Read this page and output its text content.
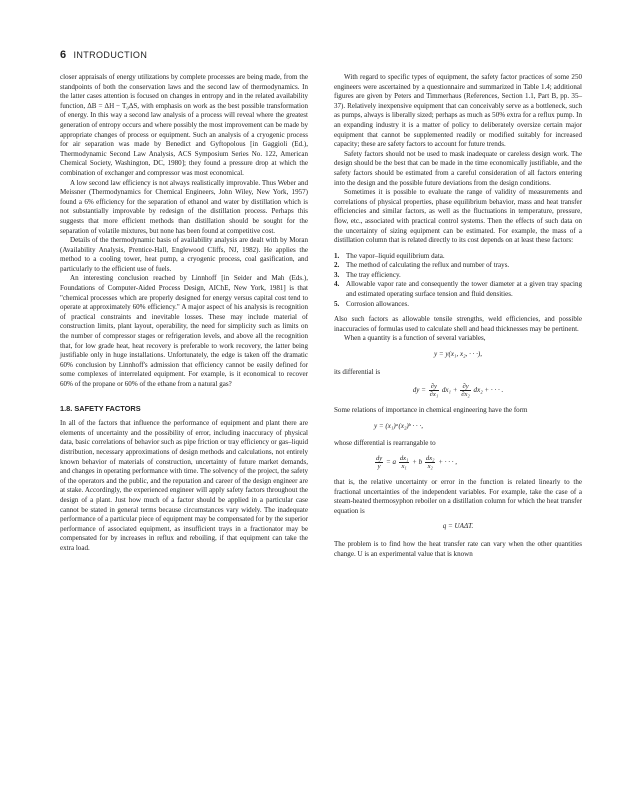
6 INTRODUCTION

closer appraisals of energy utilizations by complete processes are being made, from the standpoints of both the conservation laws and the second law of thermodynamics. In the latter cases attention is focused on changes in entropy and in the related availability function, ΔB = ΔH − T₀ΔS, with emphasis on work as the best possible transformation of energy. In this way a second law analysis of a process will reveal where the greatest generation of entropy occurs and where possibly the most improvement can be made by appropriate changes of process or equipment. Such an analysis of a cryogenic process for air separation was made by Benedict and Gyftopolous [in Gaggioli (Ed.), Thermodynamic Second Law Analysis, ACS Symposium Series No. 122, American Chemical Society, Washington, DC, 1980]; they found a pressure drop at which the combination of exchanger and compressor was most economical.

A low second law efficiency is not always realistically improvable. Thus Weber and Meissner (Thermodynamics for Chemical Engineers, John Wiley, New York, 1957) found a 6% efficiency for the separation of ethanol and water by distillation which is not substantially improvable by redesign of the distillation process. Perhaps this suggests that more efficient methods than distillation should be sought for the separation of volatile mixtures, but none has been found at competitive cost.

Details of the thermodynamic basis of availability analysis are dealt with by Moran (Availability Analysis, Prentice-Hall, Englewood Cliffs, NJ, 1982). He applies the method to a cooling tower, heat pump, a cryogenic process, coal gasification, and particularly to the efficient use of fuels.

An interesting conclusion reached by Linnhoff [in Seider and Mah (Eds.), Foundations of Computer-Aided Process Design, AIChE, New York, 1981] is that "chemical processes which are properly designed for energy versus capital cost tend to operate at approximately 60% efficiency." A major aspect of his analysis is recognition of practical constraints and inevitable losses. These may include material of construction limits, plant layout, operability, the need for simplicity such as limits on the number of compressor stages or refrigeration levels, and above all the recognition that, for low grade heat, heat recovery is preferable to work recovery, the latter being justifiable only in huge installations. Unfortunately, the edge is taken off the dramatic 60% conclusion by Linnhoff's admission that efficiency cannot be easily defined for some complexes of interrelated equipment. For example, is it economical to recover 60% of the propane or 60% of the ethane from a natural gas?

1.8. SAFETY FACTORS

In all of the factors that influence the performance of equipment and plant there are elements of uncertainty and the possibility of error, including inaccuracy of physical data, basic correlations of behavior such as pipe friction or tray efficiency or gas–liquid distribution, necessary approximations of design methods and calculations, not entirely known behavior of materials of construction, uncertainty of future market demands, and changes in operating performance with time. The solvency of the project, the safety of the operators and the public, and the reputation and career of the design engineer are at stake. Accordingly, the experienced engineer will apply safety factors throughout the design of a plant. Just how much of a factor should be applied in a particular case cannot be stated in general terms because circumstances vary widely. The inadequate performance of a particular piece of equipment may be compensated for by the superior performance of associated equipment, as insufficient trays in a fractionator may be compensated for by increases in reflux and reboiling, if that equipment can take the extra load.

With regard to specific types of equipment, the safety factor practices of some 250 engineers were ascertained by a questionnaire and summarized in Table 1.4; additional figures are given by Peters and Timmerhaus (References, Section 1.1, Part B, pp. 35–37). Relatively inexpensive equipment that can conceivably serve as a bottleneck, such as pumps, always is liberally sized; perhaps as much as 50% extra for a reflux pump. In an expanding industry it is a matter of policy to deliberately oversize certain major equipment that cannot be supplemented readily or modified suitably for increased capacity; these are safety factors to account for future trends.

Safety factors should not be used to mask inadequate or careless design work. The design should be the best that can be made in the time economically justifiable, and the safety factors should be estimated from a careful consideration of all factors entering into the design and the possible future deviations from the design conditions.

Sometimes it is possible to evaluate the range of validity of measurements and correlations of physical properties, phase equilibrium behavior, mass and heat transfer efficiencies and similar factors, as well as the fluctuations in temperature, pressure, flow, etc., associated with practical control systems. Then the effects of such data on the uncertainty of sizing equipment can be estimated. For example, the mass of a distillation column that is related directly to its cost depends on at least these factors:

1. The vapor–liquid equilibrium data.
2. The method of calculating the reflux and number of trays.
3. The tray efficiency.
4. Allowable vapor rate and consequently the tower diameter at a given tray spacing and estimated operating surface tension and fluid densities.
5. Corrosion allowances.

Also such factors as allowable tensile strengths, weld efficiencies, and possible inaccuracies of formulas used to calculate shell and head thicknesses may be pertinent.

When a quantity is a function of several variables,

y = y(x₁, x₂, · · ·),

its differential is

dy = $\frac{\partial y}{\text{∂x₁}} dx_1 + \frac{\partial y}{\text{∂x₂}} dx_2$ + · · · .

Some relations of importance in chemical engineering have the form

y = (x₁)ᵃ(x₂)ᵇ · · ·,

whose differential is rearrangable to

$\frac{dy}{y} = a \frac{\text{dx₁}}{\text{x₁}} + b \frac{\text{dx₂}}{\text{x₂}}$ + · · · ,

that is, the relative uncertainty or error in the function is related linearly to the fractional uncertainties of the independent variables. For example, take the case of a steam-heated thermosyphon reboiler on a distillation column for which the heat transfer equation is

q = UAΔT.

The problem is to find how the heat transfer rate can vary when the other quantities change. U is an experimental value that is known
